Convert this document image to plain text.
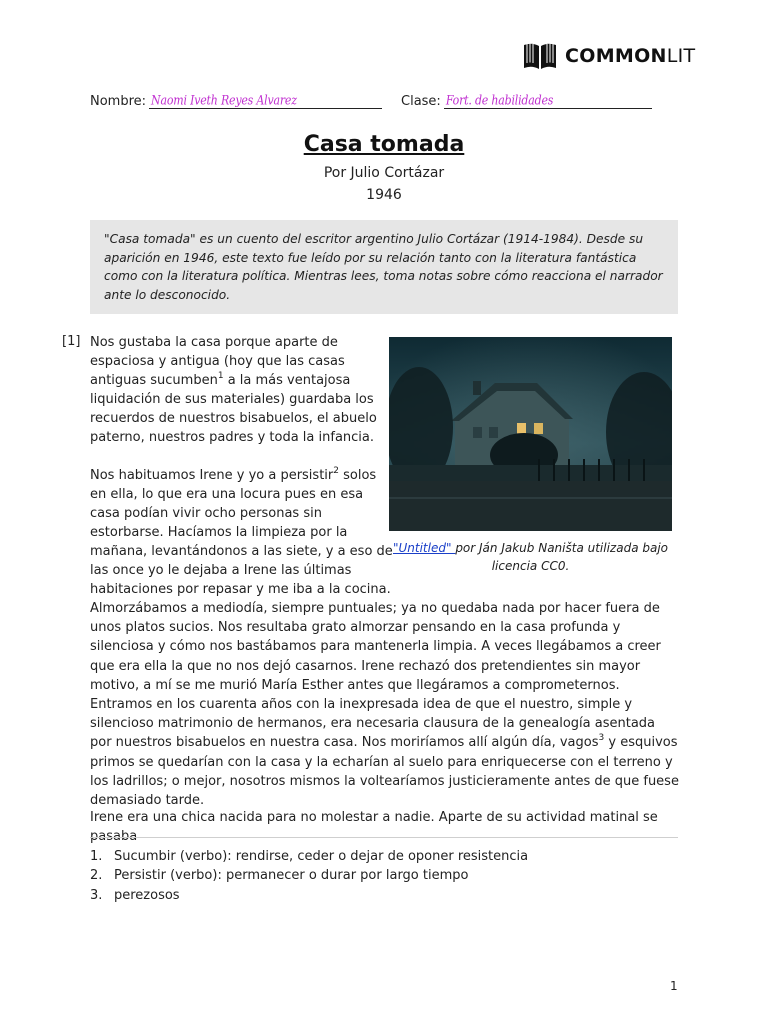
COMMONLIT
Nombre: Naomi Iveth Reyes Alvarez	Clase: Fort. de habilidades
Casa tomada
Por Julio Cortázar
1946
"Casa tomada" es un cuento del escritor argentino Julio Cortázar (1914-1984). Desde su aparición en 1946, este texto fue leído por su relación tanto con la literatura fantástica como con la literatura política. Mientras lees, toma notas sobre cómo reacciona el narrador ante lo desconocido.
[1] Nos gustaba la casa porque aparte de
espaciosa y antigua (hoy que las casas
antiguas sucumben$^1$ a la más ventajosa
liquidación de sus materiales) guardaba los
recuerdos de nuestros bisabuelos, el abuelo
paterno, nuestros padres y toda la infancia.
Nos habituamos Irene y yo a persistir$^2$ solos
en ella, lo que era una locura pues en esa
casa podían vivir ocho personas sin
estorbarse. Hacíamos la limpieza por la
mañana, levantándonos a las siete, y a eso de
las once yo le dejaba a Irene las últimas
habitaciones por repasar y me iba a la cocina.

Almorzábamos a mediodía, siempre puntuales; ya no quedaba nada por hacer fuera de unos platos sucios. Nos resultaba grato almorzar pensando en la casa profunda y silenciosa y cómo nos bastábamos para mantenerla limpia. A veces llegábamos a creer que era ella la que no nos dejó casarnos. Irene rechazó dos pretendientes sin mayor motivo, a mí se me murió María Esther antes que llegáramos a comprometernos. Entramos en los cuarenta años con la inexpresada idea de que el nuestro, simple y silencioso matrimonio de hermanos, era necesaria clausura de la genealogía asentada por nuestros bisabuelos en nuestra casa. Nos moriríamos allí algún día, vagos$^3$ y esquivos primos se quedarían con la casa y la echarían al suelo para enriquecerse con el terreno y los ladrillos; o mejor, nosotros mismos la voltearíamos justicieramente antes de que fuese demasiado tarde.

Irene era una chica nacida para no molestar a nadie. Aparte de su actividad matinal se pasaba

"Untitled" por Ján Jakub Naništa utilizada bajo licencia CC0.
1. Sucumbir (verbo): rendirse, ceder o dejar de oponer resistencia
2. Persistir (verbo): permanecer o durar por largo tiempo
3. perezosos
1
